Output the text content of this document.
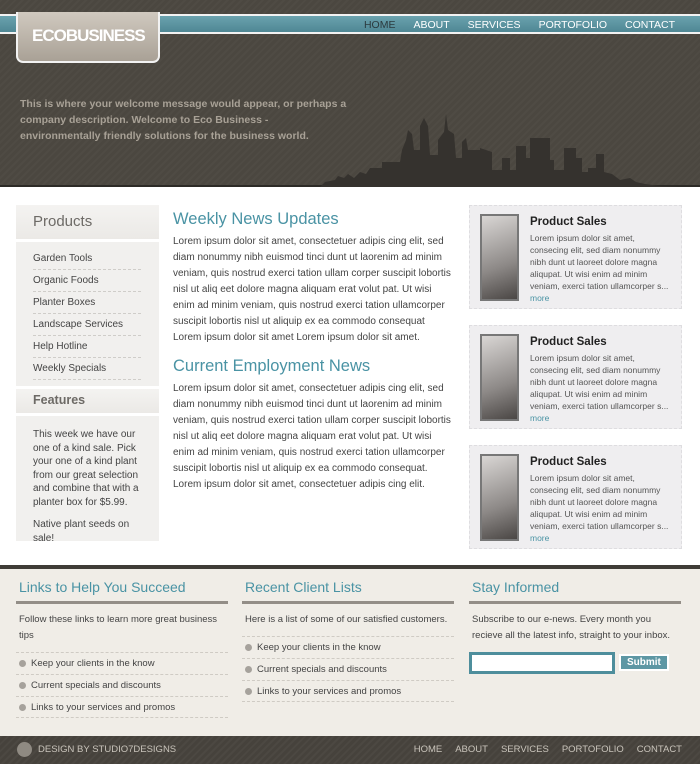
HOME	ABOUT	SERVICES	PORTOFOLIO	CONTACT
ECOBUSINESS
This is where your welcome message would appear, or perhaps a company description. Welcome to Eco Business - environmentally friendly solutions for the business world.
Products
Garden Tools
Organic Foods
Planter Boxes
Landscape Services
Help Hotline
Weekly Specials
Features

This week we have our one of a kind sale. Pick your one of a kind plant from our great selection and combine that with a planter box for $5.99.

Native plant seeds on sale!

Weekly News Updates

Lorem ipsum dolor sit amet, consectetuer adipis cing elit, sed diam nonummy nibh euismod tinci dunt ut laorenim ad minim veniam, quis nostrud exerci tation ullam corper suscipit lobortis nisl ut aliq eet dolore magna aliquam erat volut pat. Ut wisi enim ad minim veniam, quis nostrud exerci tation ullamcorper suscipit lobortis nisl ut aliquip ex ea commodo consequat Lorem ipsum dolor sit amet Lorem ipsum dolor sit amet.

Current Employment News

Lorem ipsum dolor sit amet, consectetuer adipis cing elit, sed diam nonummy nibh euismod tinci dunt ut laorenim ad minim veniam, quis nostrud exerci tation ullam corper suscipit lobortis nisl ut aliq eet dolore magna aliquam erat volut pat. Ut wisi enim ad minim veniam, quis nostrud exerci tation ullamcorper suscipit lobortis nisl ut aliquip ex ea commodo consequat. Lorem ipsum dolor sit amet, consectetuer adipis cing elit.

Product Sales

Lorem ipsum dolor sit amet, consecing elit, sed diam nonummy nibh dunt ut laoreet dolore magna aliqupat. Ut wisi enim ad minim veniam, exerci tation ullamcorper s... more

Product Sales

Lorem ipsum dolor sit amet, consecing elit, sed diam nonummy nibh dunt ut laoreet dolore magna aliqupat. Ut wisi enim ad minim veniam, exerci tation ullamcorper s... more

Product Sales

Lorem ipsum dolor sit amet, consecing elit, sed diam nonummy nibh dunt ut laoreet dolore magna aliqupat. Ut wisi enim ad minim veniam, exerci tation ullamcorper s... more

Links to Help You Succeed
Follow these links to learn more great business tips
Keep your clients in the know
Current specials and discounts
Links to your services and promos
Recent Client Lists
Here is a list of some of our satisfied customers.
Keep your clients in the know
Current specials and discounts
Links to your services and promos
Stay Informed
Subscribe to our e-news. Every month you recieve all the latest info, straight to your inbox.
Submit
DESIGN BY STUDIO7DESIGNS	HOME ABOUT SERVICES PORTOFOLIO CONTACT
